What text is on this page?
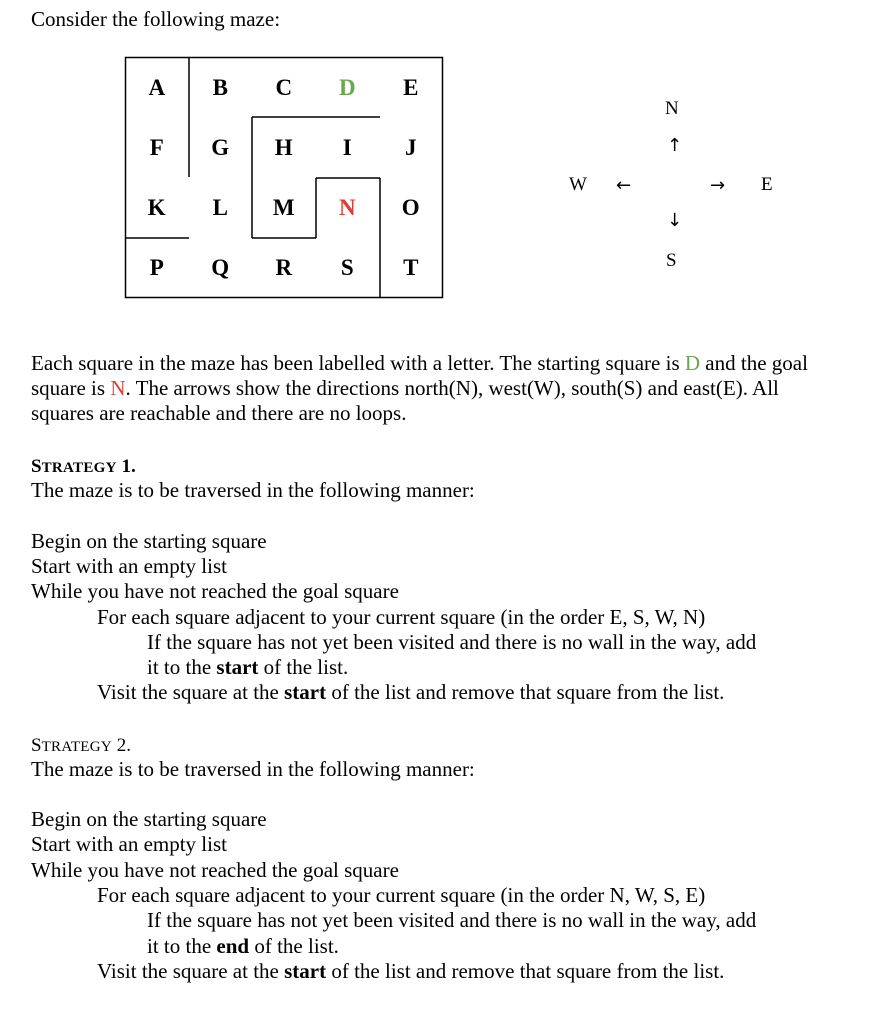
Consider the following maze:
A B C D E
F G H I J
K L M N O
P Q R S T
N
↑
W ←	→ E
↓
S
Each square in the maze has been labelled with a letter. The starting square is D and the goal square is N. The arrows show the directions north(N), west(W), south(S) and east(E). All squares are reachable and there are no loops.
STRATEGY 1.
The maze is to be traversed in the following manner:
Begin on the starting square
Start with an empty list
While you have not reached the goal square
For each square adjacent to your current square (in the order E, S, W, N)
If the square has not yet been visited and there is no wall in the way, add
it to the start of the list.
Visit the square at the start of the list and remove that square from the list.
STRATEGY 2.
The maze is to be traversed in the following manner:
Begin on the starting square
Start with an empty list
While you have not reached the goal square
For each square adjacent to your current square (in the order N, W, S, E)
If the square has not yet been visited and there is no wall in the way, add
it to the end of the list.
Visit the square at the start of the list and remove that square from the list.
